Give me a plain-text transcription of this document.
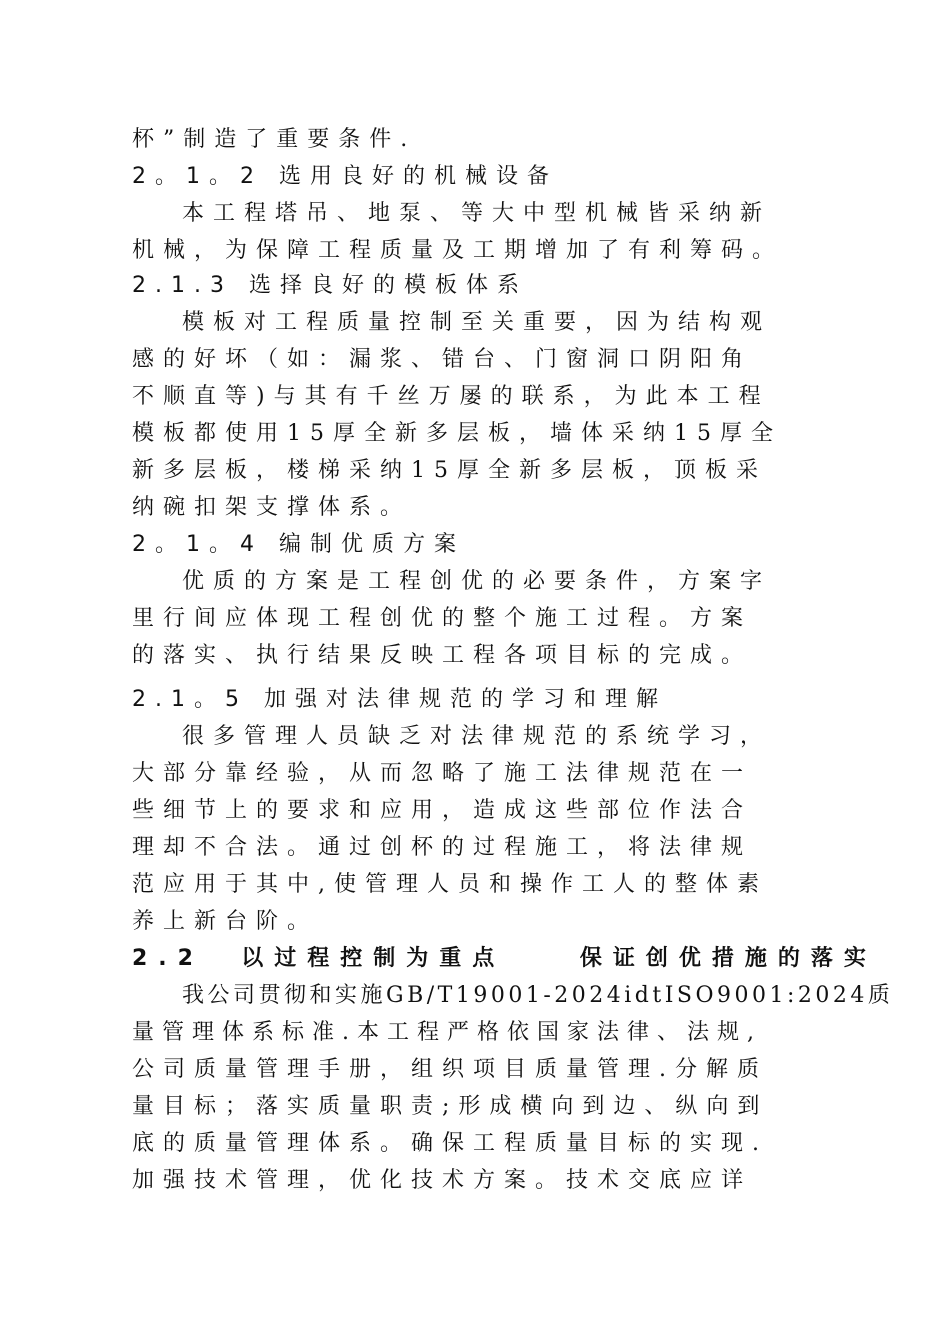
杯”制造了重要条件.
2。1。2 选用良好的机械设备
本工程塔吊、地泵、等大中型机械皆采纳新
机械，为保障工程质量及工期增加了有利筹码。
2.1.3 选择良好的模板体系
模板对工程质量控制至关重要，因为结构观
感的好坏（如：漏浆、错台、门窗洞口阴阳角
不顺直等)与其有千丝万屡的联系，为此本工程
模板都使用15厚全新多层板，墙体采纳15厚全
新多层板，楼梯采纳15厚全新多层板，顶板采
纳碗扣架支撑体系。
2。1。4 编制优质方案
优质的方案是工程创优的必要条件，方案字
里行间应体现工程创优的整个施工过程。方案
的落实、执行结果反映工程各项目标的完成。
2.1。5 加强对法律规范的学习和理解
很多管理人员缺乏对法律规范的系统学习，
大部分靠经验，从而忽略了施工法律规范在一
些细节上的要求和应用，造成这些部位作法合
理却不合法。通过创杯的过程施工，将法律规
范应用于其中,使管理人员和操作工人的整体素
养上新台阶。
2.2  以过程控制为重点    保证创优措施的落实
我公司贯彻和实施GB/T19001-2024idtISO9001:2024质
量管理体系标准.本工程严格依国家法律、法规,
公司质量管理手册，组织项目质量管理.分解质
量目标；落实质量职责;形成横向到边、纵向到
底的质量管理体系。确保工程质量目标的实现.
加强技术管理，优化技术方案。技术交底应详
